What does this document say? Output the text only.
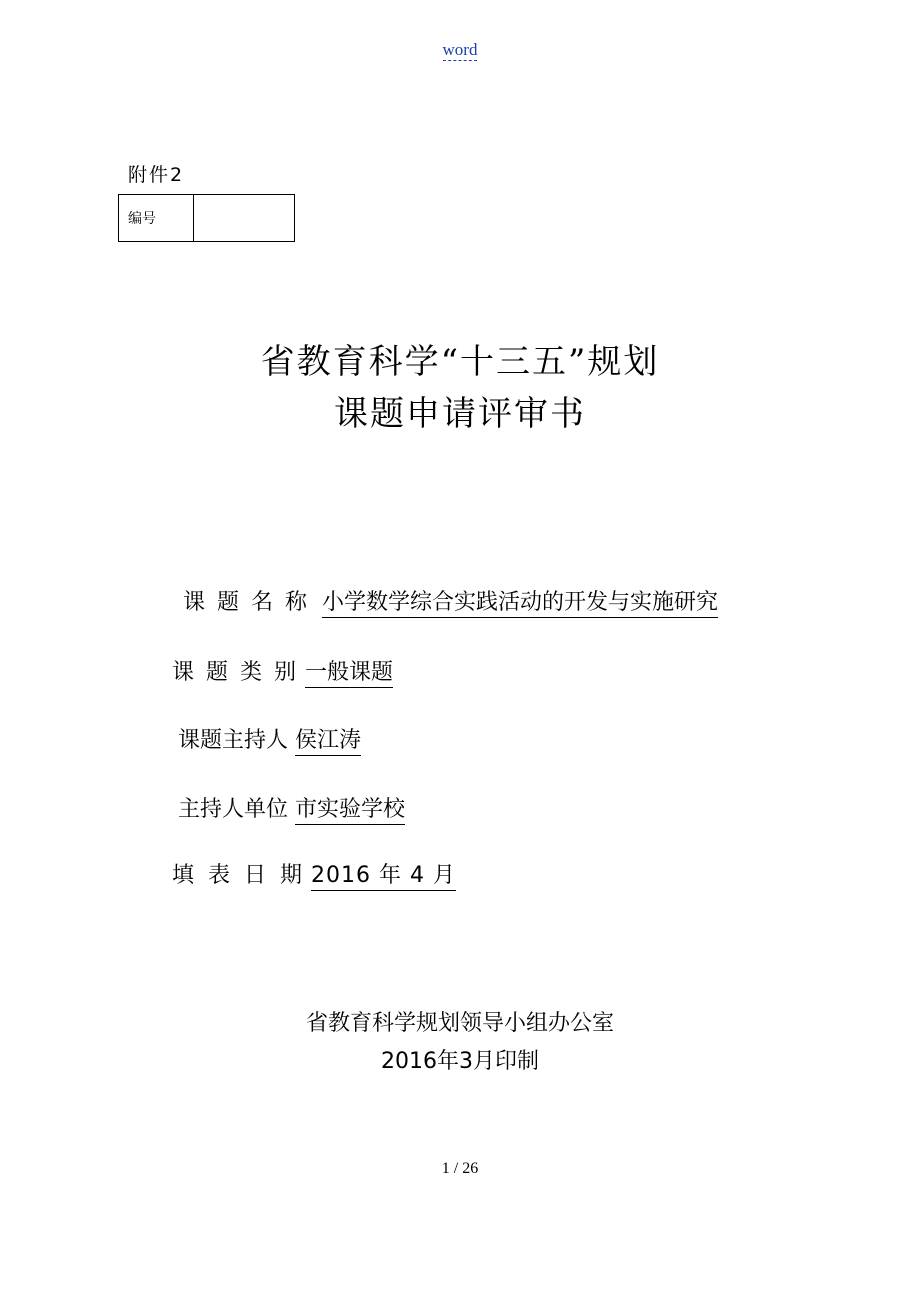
word
附件2
编号
省教育科学“十三五”规划
课题申请评审书
课题名称 小学数学综合实践活动的开发与实施研究
课题类别 一般课题
课题主持人 侯江涛
主持人单位 市实验学校
填表日期 2016 年 4 月
省教育科学规划领导小组办公室
2016年3月印制
1 / 26
